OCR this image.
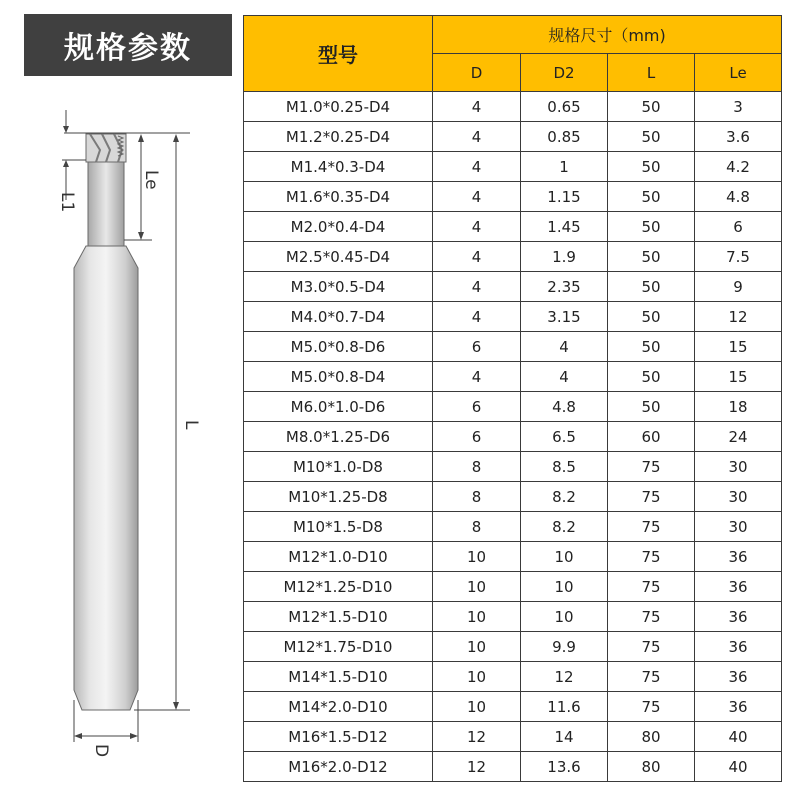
规格参数
L1
Le
L
D
型号	规格尺寸（mm)			
	D	D2	L	Le
M1.0*0.25-D4	4	0.65	50	3
M1.2*0.25-D4	4	0.85	50	3.6
M1.4*0.3-D4	4	1	50	4.2
M1.6*0.35-D4	4	1.15	50	4.8
M2.0*0.4-D4	4	1.45	50	6
M2.5*0.45-D4	4	1.9	50	7.5
M3.0*0.5-D4	4	2.35	50	9
M4.0*0.7-D4	4	3.15	50	12
M5.0*0.8-D6	6	4	50	15
M5.0*0.8-D4	4	4	50	15
M6.0*1.0-D6	6	4.8	50	18
M8.0*1.25-D6	6	6.5	60	24
M10*1.0-D8	8	8.5	75	30
M10*1.25-D8	8	8.2	75	30
M10*1.5-D8	8	8.2	75	30
M12*1.0-D10	10	10	75	36
M12*1.25-D10	10	10	75	36
M12*1.5-D10	10	10	75	36
M12*1.75-D10	10	9.9	75	36
M14*1.5-D10	10	12	75	36
M14*2.0-D10	10	11.6	75	36
M16*1.5-D12	12	14	80	40
M16*2.0-D12	12	13.6	80	40
